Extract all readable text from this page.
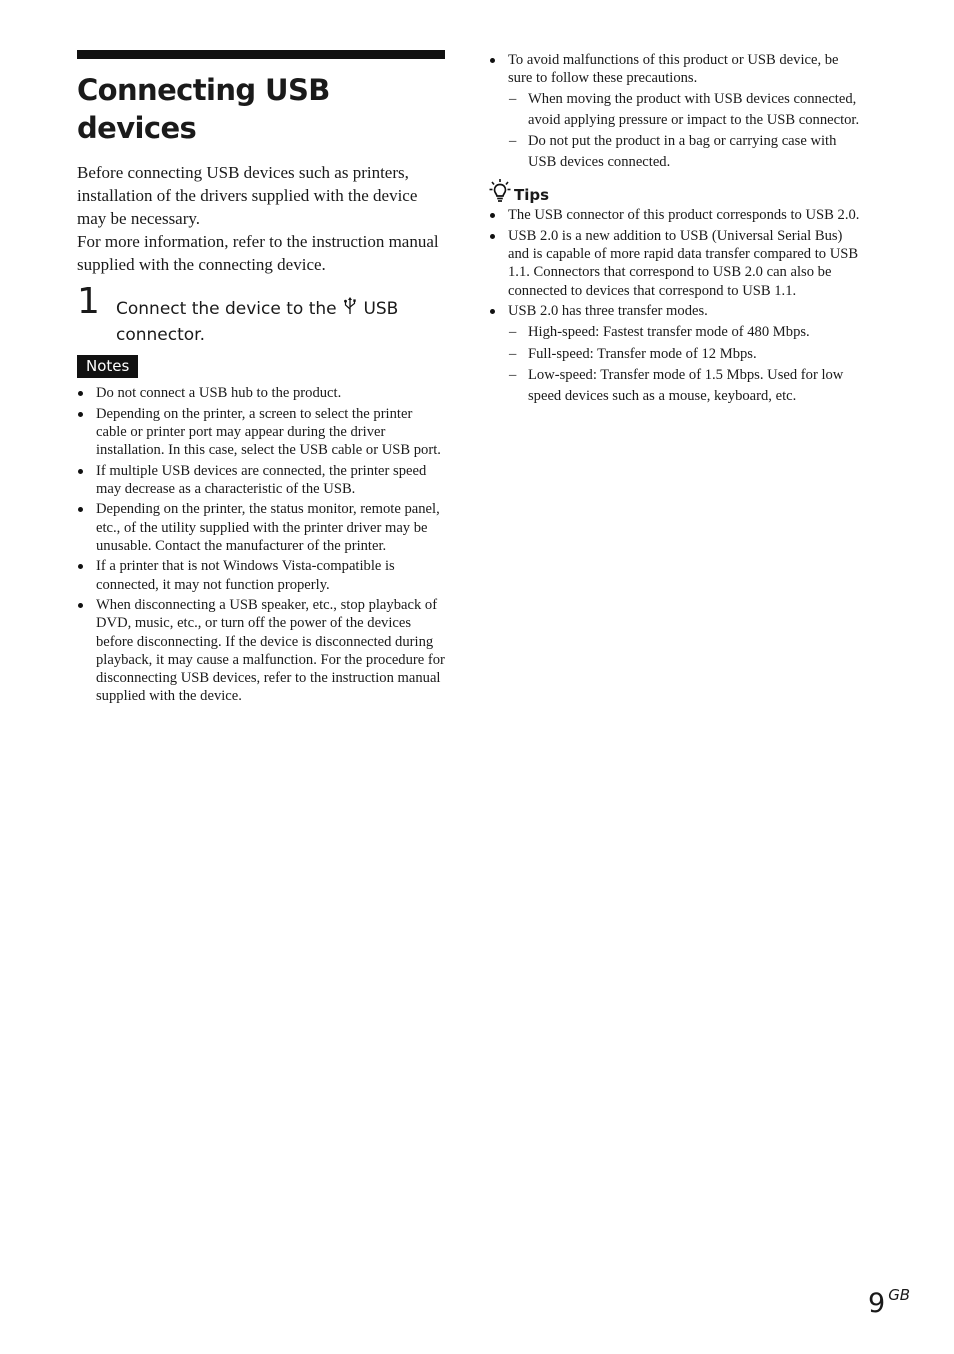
Connecting USB devices

Before connecting USB devices such as printers, installation of the drivers supplied with the device may be necessary.

For more information, refer to the instruction manual supplied with the connecting device.

1 Connect the device to the USB connector.
Notes
Do not connect a USB hub to the product.
Depending on the printer, a screen to select the printer cable or printer port may appear during the driver installation. In this case, select the USB cable or USB port.
If multiple USB devices are connected, the printer speed may decrease as a characteristic of the USB.
Depending on the printer, the status monitor, remote panel, etc., of the utility supplied with the printer driver may be unusable. Contact the manufacturer of the printer.
If a printer that is not Windows Vista-compatible is connected, it may not function properly.
When disconnecting a USB speaker, etc., stop playback of DVD, music, etc., or turn off the power of the devices before disconnecting. If the device is disconnected during playback, it may cause a malfunction. For the procedure for disconnecting USB devices, refer to the instruction manual supplied with the device.
To avoid malfunctions of this product or USB device, be sure to follow these precautions.
– When moving the product with USB devices connected, avoid applying pressure or impact to the USB connector.
– Do not put the product in a bag or carrying case with USB devices connected.
Tips
The USB connector of this product corresponds to USB 2.0.
USB 2.0 is a new addition to USB (Universal Serial Bus) and is capable of more rapid data transfer compared to USB 1.1. Connectors that correspond to USB 2.0 can also be connected to devices that correspond to USB 1.1.
USB 2.0 has three transfer modes.
– High-speed: Fastest transfer mode of 480 Mbps.
– Full-speed: Transfer mode of 12 Mbps.
– Low-speed: Transfer mode of 1.5 Mbps. Used for low speed devices such as a mouse, keyboard, etc.
9 GB
